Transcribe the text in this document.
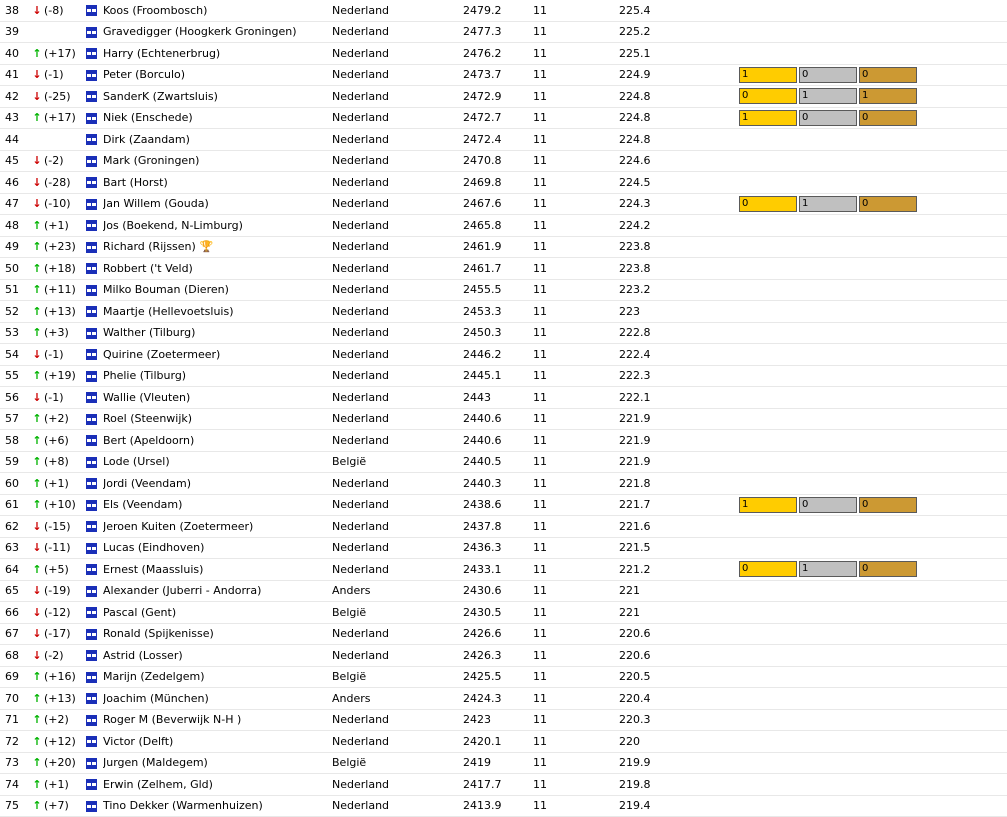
38	↓ (-8)		Koos (Froombosch)	Nederland	2479.2	11	225.4	
39			Gravedigger (Hoogkerk Groningen)	Nederland	2477.3	11	225.2	
40	↑ (+17)		Harry (Echtenerbrug)	Nederland	2476.2	11	225.1	
41	↓ (-1)		Peter (Borculo)	Nederland	2473.7	11	224.9	1 0 0

42	↓ (-25)		SanderK (Zwartsluis)	Nederland	2472.9	11	224.8	0 1 1

43	↑ (+17)		Niek (Enschede)	Nederland	2472.7	11	224.8	1 0 0

44			Dirk (Zaandam)	Nederland	2472.4	11	224.8	
45	↓ (-2)		Mark (Groningen)	Nederland	2470.8	11	224.6	
46	↓ (-28)		Bart (Horst)	Nederland	2469.8	11	224.5	
47	↓ (-10)		Jan Willem (Gouda)	Nederland	2467.6	11	224.3	0 1 0

48	↑ (+1)		Jos (Boekend, N-Limburg)	Nederland	2465.8	11	224.2	
49	↑ (+23)		Richard (Rijssen) 🏆	Nederland	2461.9	11	223.8	
50	↑ (+18)		Robbert ('t Veld)	Nederland	2461.7	11	223.8	
51	↑ (+11)		Milko Bouman (Dieren)	Nederland	2455.5	11	223.2	
52	↑ (+13)		Maartje (Hellevoetsluis)	Nederland	2453.3	11	223	
53	↑ (+3)		Walther (Tilburg)	Nederland	2450.3	11	222.8	
54	↓ (-1)		Quirine (Zoetermeer)	Nederland	2446.2	11	222.4	
55	↑ (+19)		Phelie (Tilburg)	Nederland	2445.1	11	222.3	
56	↓ (-1)		Wallie (Vleuten)	Nederland	2443	11	222.1	
57	↑ (+2)		Roel (Steenwijk)	Nederland	2440.6	11	221.9	
58	↑ (+6)		Bert (Apeldoorn)	Nederland	2440.6	11	221.9	
59	↑ (+8)		Lode (Ursel)	België	2440.5	11	221.9	
60	↑ (+1)		Jordi (Veendam)	Nederland	2440.3	11	221.8	
61	↑ (+10)		Els (Veendam)	Nederland	2438.6	11	221.7	1 0 0

62	↓ (-15)		Jeroen Kuiten (Zoetermeer)	Nederland	2437.8	11	221.6	
63	↓ (-11)		Lucas (Eindhoven)	Nederland	2436.3	11	221.5	
64	↑ (+5)		Ernest (Maassluis)	Nederland	2433.1	11	221.2	0 1 0

65	↓ (-19)		Alexander (Juberri - Andorra)	Anders	2430.6	11	221	
66	↓ (-12)		Pascal (Gent)	België	2430.5	11	221	
67	↓ (-17)		Ronald (Spijkenisse)	Nederland	2426.6	11	220.6	
68	↓ (-2)		Astrid (Losser)	Nederland	2426.3	11	220.6	
69	↑ (+16)		Marijn (Zedelgem)	België	2425.5	11	220.5	
70	↑ (+13)		Joachim (München)	Anders	2424.3	11	220.4	
71	↑ (+2)		Roger M (Beverwijk N-H )	Nederland	2423	11	220.3	
72	↑ (+12)		Victor (Delft)	Nederland	2420.1	11	220	
73	↑ (+20)		Jurgen (Maldegem)	België	2419	11	219.9	
74	↑ (+1)		Erwin (Zelhem, Gld)	Nederland	2417.7	11	219.8	
75	↑ (+7)		Tino Dekker (Warmenhuizen)	Nederland	2413.9	11	219.4	
